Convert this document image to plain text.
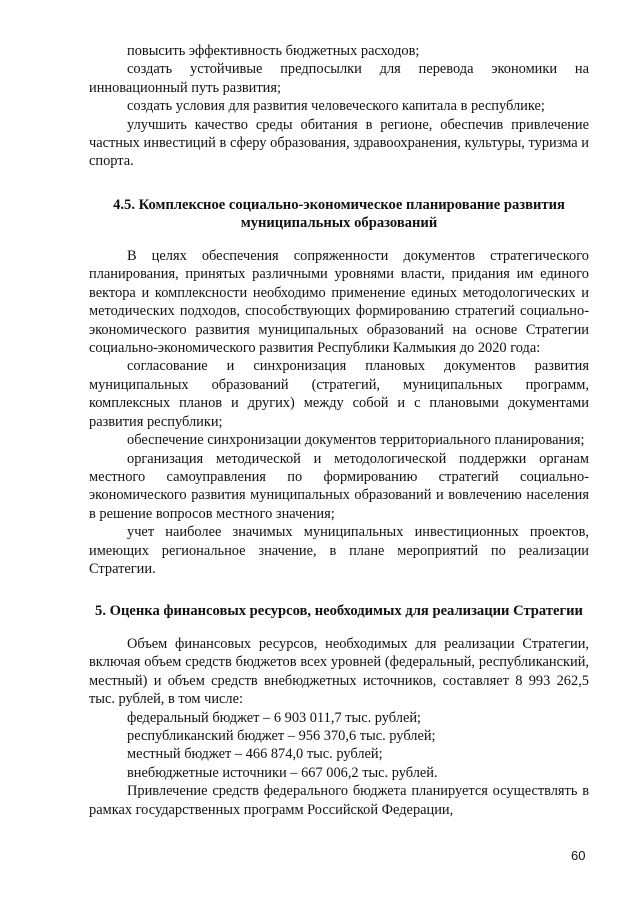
повысить эффективность бюджетных расходов;

создать устойчивые предпосылки для перевода экономики на инновационный путь развития;

создать условия для развития человеческого капитала в республике;

улучшить качество среды обитания в регионе, обеспечив привлечение частных инвестиций в сферу образования, здравоохранения, культуры, туризма и спорта.

4.5. Комплексное социально-экономическое планирование развития муниципальных образований

В целях обеспечения сопряженности документов стратегического планирования, принятых различными уровнями власти, придания им единого вектора и комплексности необходимо применение единых методологических и методических подходов, способствующих формированию стратегий социально-экономического развития муниципальных образований на основе Стратегии социально-экономического развития Республики Калмыкия до 2020 года:

согласование и синхронизация плановых документов развития муниципальных образований (стратегий, муниципальных программ, комплексных планов и других) между собой и с плановыми документами развития республики;

обеспечение синхронизации документов территориального планирования;

организация методической и методологической поддержки органам местного самоуправления по формированию стратегий социально-экономического развития муниципальных образований и вовлечению населения в решение вопросов местного значения;

учет наиболее значимых муниципальных инвестиционных проектов, имеющих региональное значение, в плане мероприятий по реализации Стратегии.

5. Оценка финансовых ресурсов, необходимых для реализации Стратегии

Объем финансовых ресурсов, необходимых для реализации Стратегии, включая объем средств бюджетов всех уровней (федеральный, республиканский, местный) и объем средств внебюджетных источников, составляет 8 993 262,5 тыс. рублей, в том числе:

федеральный бюджет – 6 903 011,7 тыс. рублей;

республиканский бюджет – 956 370,6 тыс. рублей;

местный бюджет – 466 874,0 тыс. рублей;

внебюджетные источники – 667 006,2 тыс. рублей.

Привлечение средств федерального бюджета планируется осуществлять в рамках государственных программ Российской Федерации,

60
